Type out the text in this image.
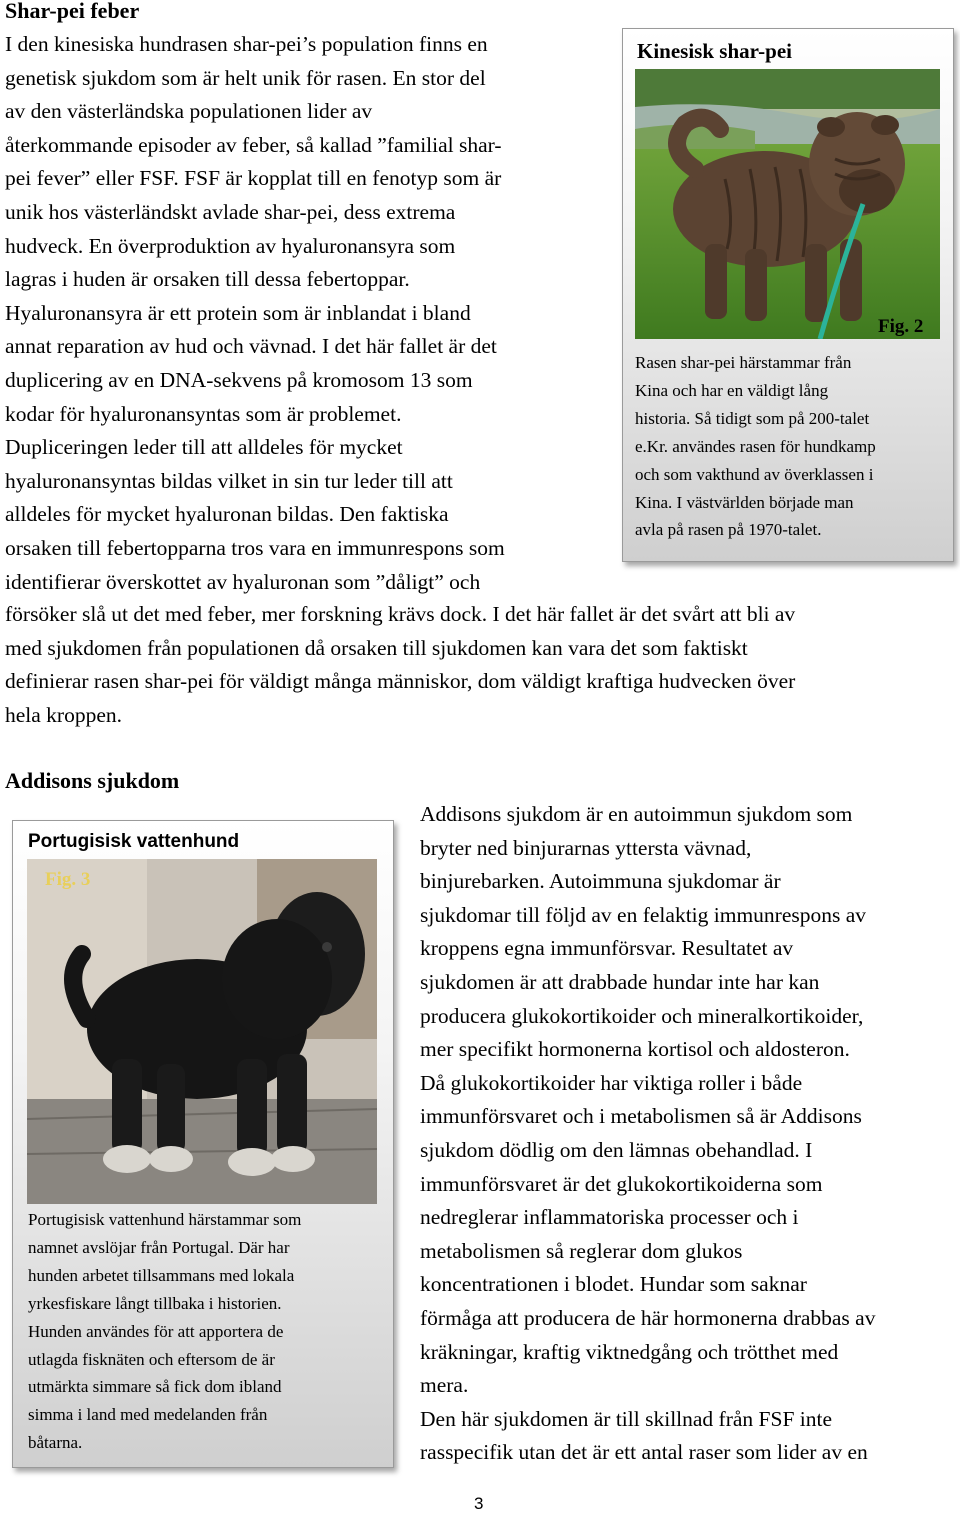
Shar-pei feber

I den kinesiska hundrasen shar-pei’s population finns en

genetisk sjukdom som är helt unik för rasen. En stor del

av den västerländska populationen lider av

återkommande episoder av feber, så kallad ”familial shar-

pei fever” eller FSF. FSF är kopplat till en fenotyp som är

unik hos västerländskt avlade shar-pei, dess extrema

hudveck. En överproduktion av hyaluronansyra som

lagras i huden är orsaken till dessa febertoppar.

Hyaluronansyra är ett protein som är inblandat i bland

annat reparation av hud och vävnad. I det här fallet är det

duplicering av en DNA-sekvens på kromosom 13 som

kodar för hyaluronansyntas som är problemet.

Dupliceringen leder till att alldeles för mycket

hyaluronansyntas bildas vilket in sin tur leder till att

alldeles för mycket hyaluronan bildas. Den faktiska

orsaken till febertopparna tros vara en immunrespons som

identifierar överskottet av hyaluronan som ”dåligt” och

försöker slå ut det med feber, mer forskning krävs dock. I det här fallet är det svårt att bli av

med sjukdomen från populationen då orsaken till sjukdomen kan vara det som faktiskt

definierar rasen shar-pei för väldigt många människor, dom väldigt kraftiga hudvecken över

hela kroppen.

Kinesisk shar-pei
Fig. 2
Rasen shar-pei härstammar från
Kina och har en väldigt lång
historia. Så tidigt som på 200-talet
e.Kr. användes rasen för hundkamp
och som vakthund av överklassen i
Kina. I västvärlden började man
avla på rasen på 1970-talet.
Addisons sjukdom
Portugisisk vattenhund
Fig. 3
Portugisisk vattenhund härstammar som
namnet avslöjar från Portugal. Där har
hunden arbetet tillsammans med lokala
yrkesfiskare långt tillbaka i historien.
Hunden användes för att apportera de
utlagda fisknäten och eftersom de är
utmärkta simmare så fick dom ibland
simma i land med medelanden från
båtarna.

Addisons sjukdom är en autoimmun sjukdom som

bryter ned binjurarnas yttersta vävnad,

binjurebarken. Autoimmuna sjukdomar är

sjukdomar till följd av en felaktig immunrespons av

kroppens egna immunförsvar. Resultatet av

sjukdomen är att drabbade hundar inte har kan

producera glukokortikoider och mineralkortikoider,

mer specifikt hormonerna kortisol och aldosteron.

Då glukokortikoider har viktiga roller i både

immunförsvaret och i metabolismen så är Addisons

sjukdom dödlig om den lämnas obehandlad. I

immunförsvaret är det glukokortikoiderna som

nedreglerar inflammatoriska processer och i

metabolismen så reglerar dom glukos

koncentrationen i blodet. Hundar som saknar

förmåga att producera de här hormonerna drabbas av

kräkningar, kraftig viktnedgång och trötthet med

mera.

Den här sjukdomen är till skillnad från FSF inte

rasspecifik utan det är ett antal raser som lider av en

3
